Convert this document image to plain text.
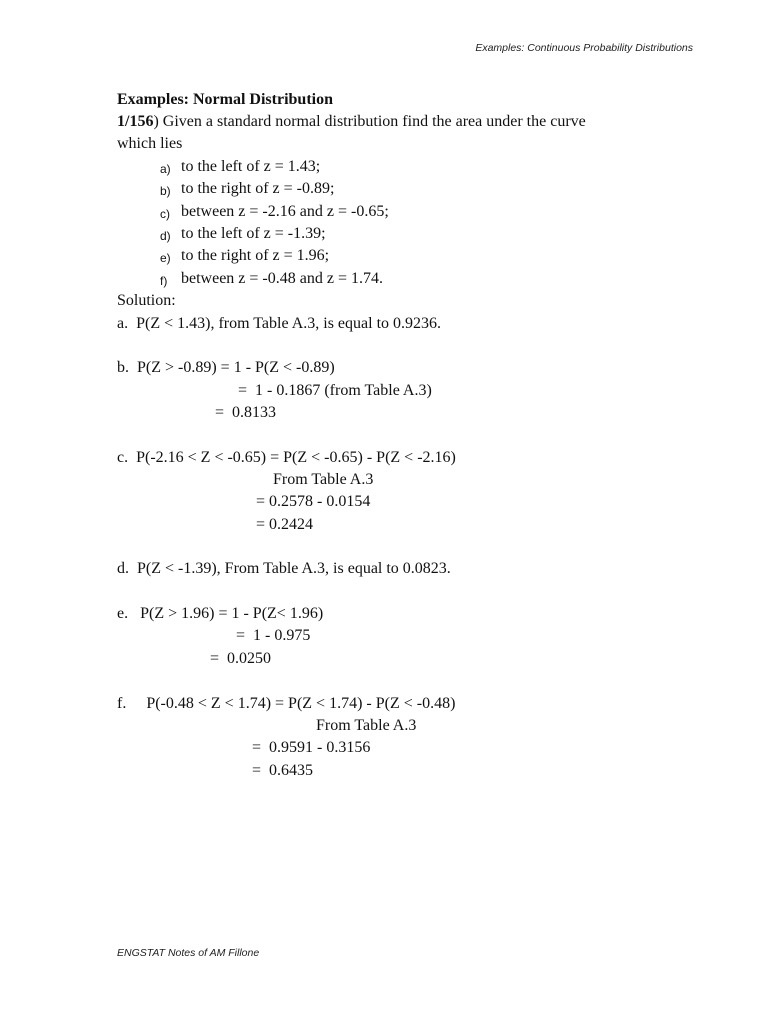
Examples: Continuous Probability Distributions
Examples: Normal Distribution
1/156) Given a standard normal distribution find the area under the curve
which lies
a) to the left of z = 1.43;
b) to the right of z = -0.89;
c) between z = -2.16 and z = -0.65;
d) to the left of z = -1.39;
e) to the right of z = 1.96;
f) between z = -0.48 and z = 1.74.
Solution:
a.  P(Z < 1.43), from Table A.3, is equal to 0.9236.
b.  P(Z > -0.89) = 1 - P(Z < -0.89)
=  1 - 0.1867 (from Table A.3)
=  0.8133
c.  P(-2.16 < Z < -0.65) = P(Z < -0.65) - P(Z < -2.16)
From Table A.3
= 0.2578 - 0.0154
= 0.2424
d.  P(Z < -1.39), From Table A.3, is equal to 0.0823.
e.   P(Z > 1.96) = 1 - P(Z< 1.96)
=  1 - 0.975
=  0.0250
f.     P(-0.48 < Z < 1.74) = P(Z < 1.74) - P(Z < -0.48)
From Table A.3
=  0.9591 - 0.3156
=  0.6435
ENGSTAT Notes of AM Fillone
